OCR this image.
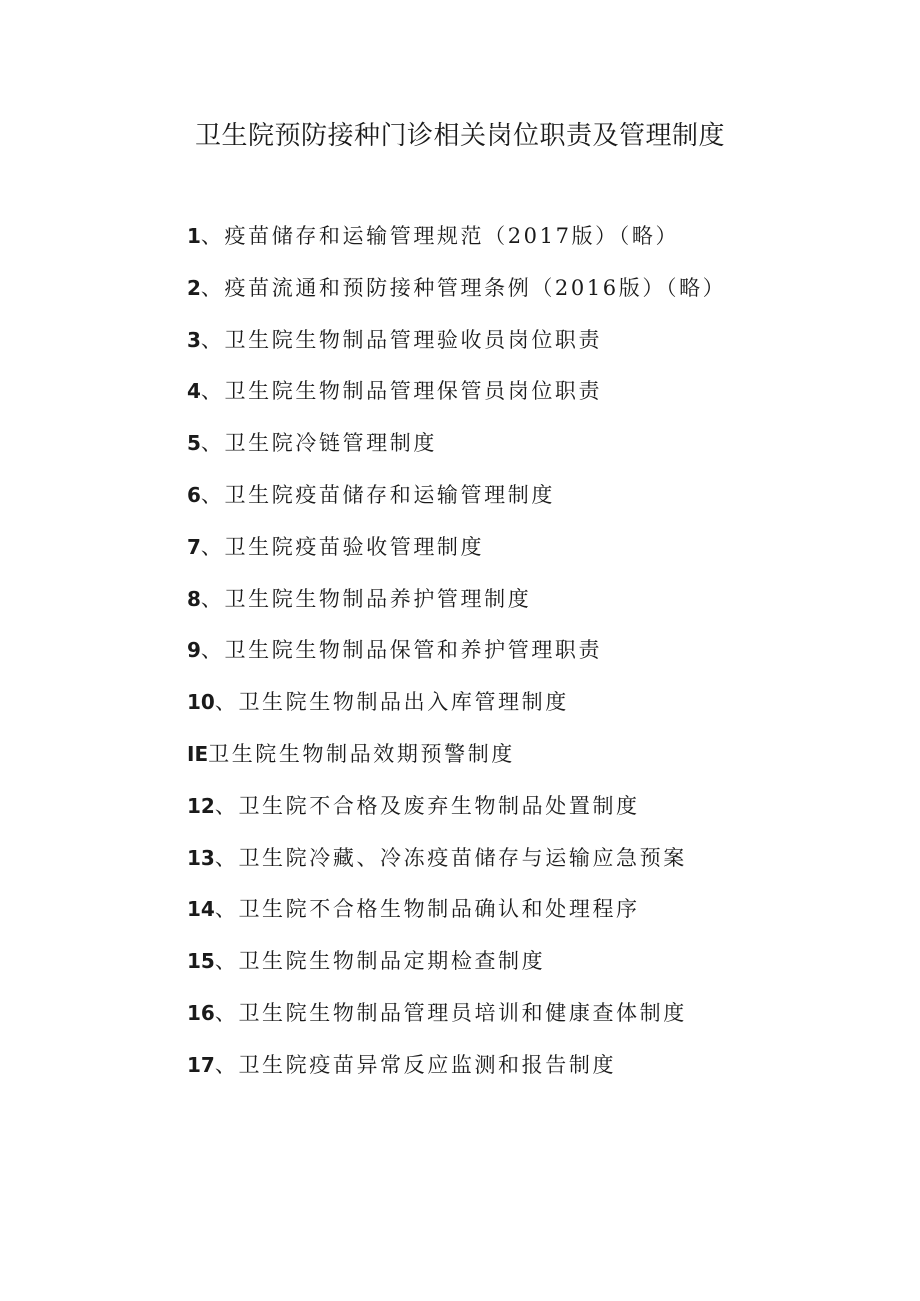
卫生院预防接种门诊相关岗位职责及管理制度
1、疫苗储存和运输管理规范（2017版）（略）
2、疫苗流通和预防接种管理条例（2016版）（略）
3、卫生院生物制品管理验收员岗位职责
4、卫生院生物制品管理保管员岗位职责
5、卫生院冷链管理制度
6、卫生院疫苗储存和运输管理制度
7、卫生院疫苗验收管理制度
8、卫生院生物制品养护管理制度
9、卫生院生物制品保管和养护管理职责
10、卫生院生物制品出入库管理制度
IE卫生院生物制品效期预警制度
12、卫生院不合格及废弃生物制品处置制度
13、卫生院冷藏、冷冻疫苗储存与运输应急预案
14、卫生院不合格生物制品确认和处理程序
15、卫生院生物制品定期检查制度
16、卫生院生物制品管理员培训和健康查体制度
17、卫生院疫苗异常反应监测和报告制度
